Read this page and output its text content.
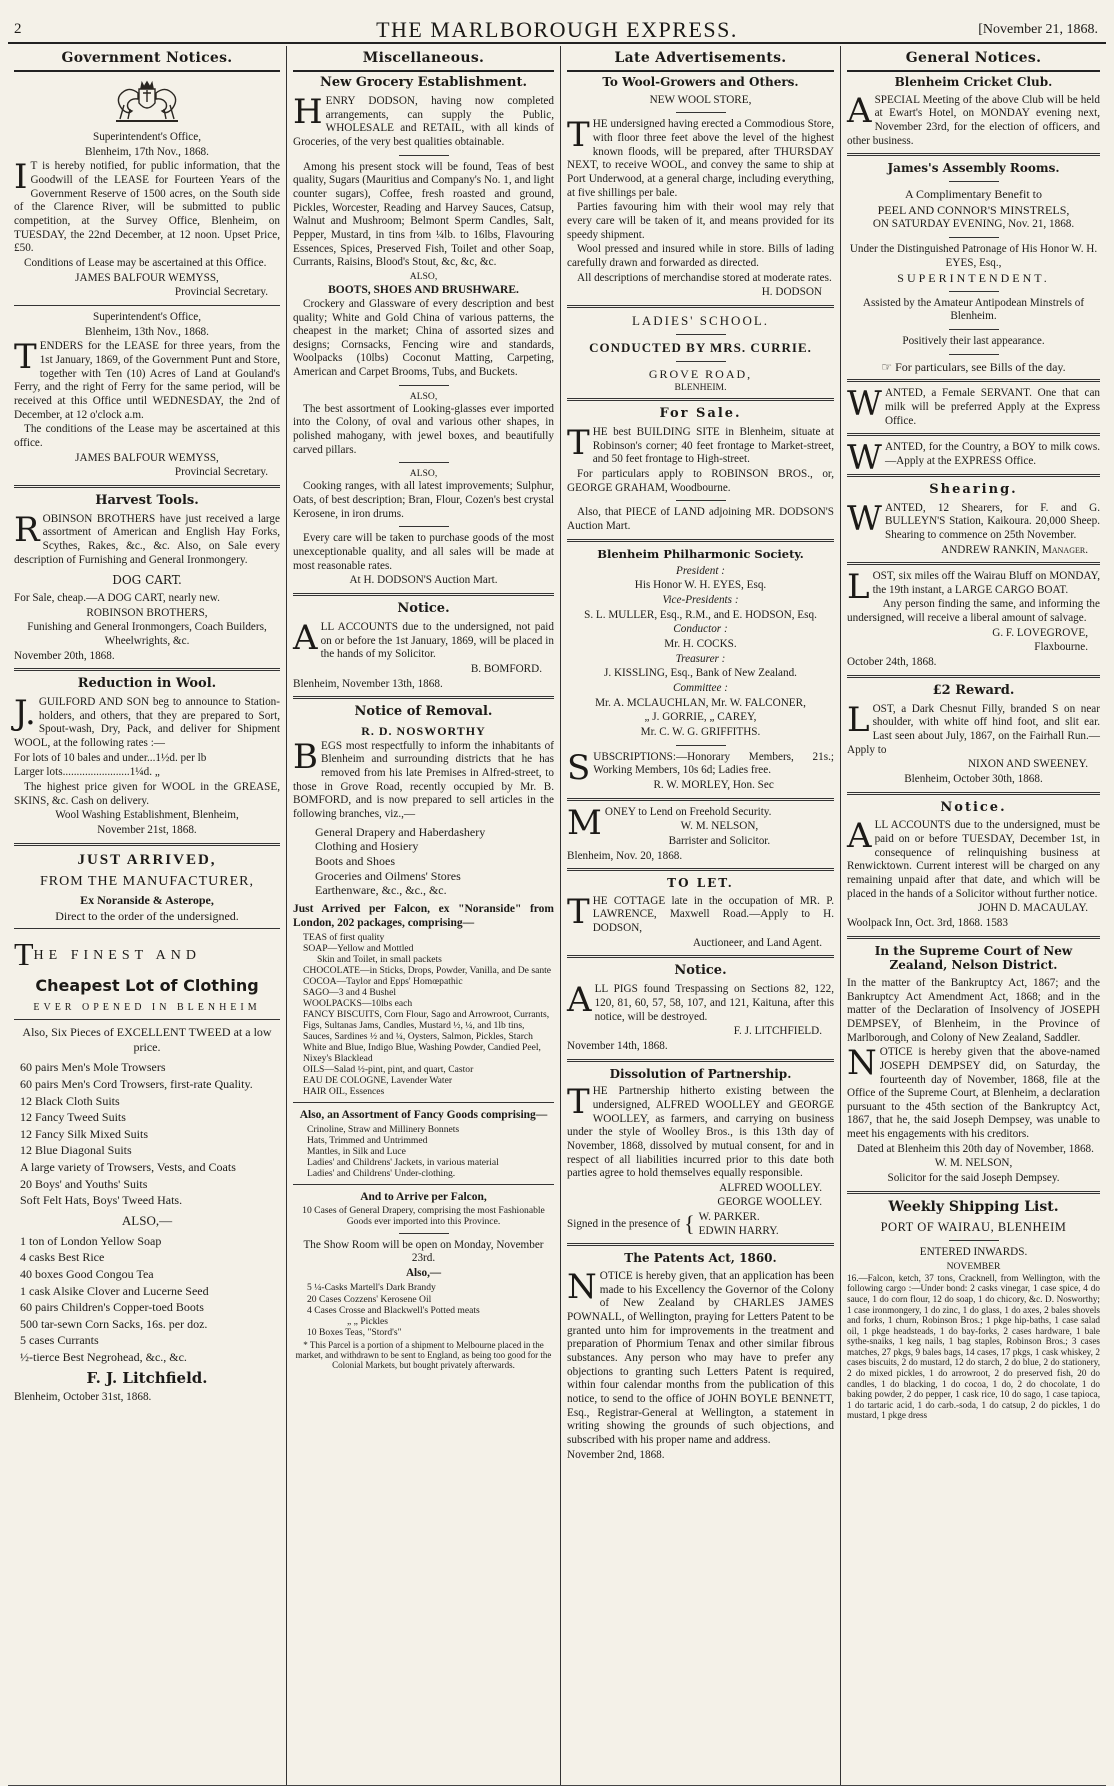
2	THE MARLBOROUGH EXPRESS.	[November 21, 1868.
Government Notices.

Superintendent's Office,

Blenheim, 17th Nov., 1868.

I T is hereby notified, for public information, that the Goodwill of the LEASE for Fourteen Years of the Government Reserve of 1500 acres, on the South side of the Clarence River, will be submitted to public competition, at the Survey Office, Blenheim, on TUESDAY, the 22nd December, at 12 noon. Upset Price, £50.

Conditions of Lease may be ascertained at this Office.

JAMES BALFOUR WEMYSS,

Provincial Secretary.

Superintendent's Office,

Blenheim, 13th Nov., 1868.

TENDERS for the LEASE for three years, from the 1st January, 1869, of the Government Punt and Store, together with Ten (10) Acres of Land at Gouland's Ferry, and the right of Ferry for the same period, will be received at this Office until WEDNESDAY, the 2nd of December, at 12 o'clock a.m.

The conditions of the Lease may be ascertained at this office.

JAMES BALFOUR WEMYSS,

Provincial Secretary.

Harvest Tools.

ROBINSON BROTHERS have just received a large assortment of American and English Hay Forks, Scythes, Rakes, &c., &c. Also, on Sale every description of Furnishing and General Ironmongery.

DOG CART.

For Sale, cheap.—A DOG CART, nearly new.

ROBINSON BROTHERS,

Funishing and General Ironmongers, Coach Builders, Wheelwrights, &c.

November 20th, 1868.

Reduction in Wool.

J. GUILFORD AND SON beg to announce to Station-holders, and others, that they are prepared to Sort, Spout-wash, Dry, Pack, and deliver for Shipment WOOL, at the following rates :—

For lots of 10 bales and under...1½d. per lb

Larger lots........................1¼d. „

The highest price given for WOOL in the GREASE, SKINS, &c. Cash on delivery.

Wool Washing Establishment, Blenheim,

November 21st, 1868.

JUST ARRIVED,
FROM THE MANUFACTURER,

Ex Noranside & Asterope,

Direct to the order of the undersigned.

THE FINEST AND

Cheapest Lot of Clothing

EVER OPENED IN BLENHEIM

Also, Six Pieces of EXCELLENT TWEED at a low price.

60 pairs Men's Mole Trowsers
60 pairs Men's Cord Trowsers, first-rate Quality.
12 Black Cloth Suits
12 Fancy Tweed Suits
12 Fancy Silk Mixed Suits
12 Blue Diagonal Suits
A large variety of Trowsers, Vests, and Coats
20 Boys' and Youths' Suits
Soft Felt Hats, Boys' Tweed Hats.

ALSO,—

1 ton of London Yellow Soap
4 casks Best Rice
40 boxes Good Congou Tea
1 cask Alsike Clover and Lucerne Seed
60 pairs Children's Copper-toed Boots
500 tar-sewn Corn Sacks, 16s. per doz.
5 cases Currants
½-tierce Best Negrohead, &c., &c.
F. J. Litchfield.

Blenheim, October 31st, 1868.

Miscellaneous.
New Grocery Establishment.

HENRY DODSON, having now completed arrangements, can supply the Public, WHOLESALE and RETAIL, with all kinds of Groceries, of the very best qualities obtainable.

Among his present stock will be found, Teas of best quality, Sugars (Mauritius and Company's No. 1, and light counter sugars), Coffee, fresh roasted and ground, Pickles, Worcester, Reading and Harvey Sauces, Catsup, Walnut and Mushroom; Belmont Sperm Candles, Salt, Pepper, Mustard, in tins from ¼lb. to 16lbs, Flavouring Essences, Spices, Preserved Fish, Toilet and other Soap, Currants, Raisins, Blood's Stout, &c, &c, &c.

ALSO,

BOOTS, SHOES AND BRUSHWARE.

Crockery and Glassware of every description and best quality; White and Gold China of various patterns, the cheapest in the market; China of assorted sizes and designs; Cornsacks, Fencing wire and standards, Woolpacks (10lbs) Coconut Matting, Carpeting, American and Carpet Brooms, Tubs, and Buckets.

ALSO,

The best assortment of Looking-glasses ever imported into the Colony, of oval and various other shapes, in polished mahogany, with jewel boxes, and beautifully carved pillars.

ALSO,

Cooking ranges, with all latest improvements; Sulphur, Oats, of best description; Bran, Flour, Cozen's best crystal Kerosene, in iron drums.

Every care will be taken to purchase goods of the most unexceptionable quality, and all sales will be made at most reasonable rates.

At H. DODSON'S Auction Mart.

Notice.

ALL ACCOUNTS due to the undersigned, not paid on or before the 1st January, 1869, will be placed in the hands of my Solicitor.

B. BOMFORD.

Blenheim, November 13th, 1868.

Notice of Removal.

R. D. NOSWORTHY

BEGS most respectfully to inform the inhabitants of Blenheim and surrounding districts that he has removed from his late Premises in Alfred-street, to those in Grove Road, recently occupied by Mr. B. BOMFORD, and is now prepared to sell articles in the following branches, viz.,—

General Drapery and Haberdashery
Clothing and Hosiery
Boots and Shoes
Groceries and Oilmens' Stores
Earthenware, &c., &c., &c.

Just Arrived per Falcon, ex "Noranside" from London, 202 packages, comprising—

TEAS of first quality
SOAP—Yellow and Mottled
Skin and Toilet, in small packets
CHOCOLATE—in Sticks, Drops, Powder, Vanilla, and De sante
COCOA—Taylor and Epps' Homœpathic
SAGO—3 and 4 Bushel
WOOLPACKS—10lbs each
FANCY BISCUITS, Corn Flour, Sago and Arrowroot, Currants, Figs, Sultanas Jams, Candles, Mustard ½, ¼, and 1lb tins, Sauces, Sardines ½ and ¼, Oysters, Salmon, Pickles, Starch White and Blue, Indigo Blue, Washing Powder, Candied Peel, Nixey's Blacklead
OILS—Salad ½-pint, pint, and quart, Castor
EAU DE COLOGNE, Lavender Water
HAIR OIL, Essences

Also, an Assortment of Fancy Goods comprising—

Crinoline, Straw and Millinery Bonnets
Hats, Trimmed and Untrimmed
Mantles, in Silk and Luce
Ladies' and Childrens' Jackets, in various material
Ladies' and Childrens' Under-clothing.

And to Arrive per Falcon,

10 Cases of General Drapery, comprising the most Fashionable Goods ever imported into this Province.

The Show Room will be open on Monday, November 23rd.

Also,—

5 ¼-Casks Martell's Dark Brandy
20 Cases Cozzens' Kerosene Oil
4 Cases Crosse and Blackwell's Potted meats
„ „ Pickles
10 Boxes Teas, "Stord's"

* This Parcel is a portion of a shipment to Melbourne placed in the market, and withdrawn to be sent to England, as being too good for the Colonial Markets, but bought privately afterwards.

Late Advertisements.
To Wool-Growers and Others.

NEW WOOL STORE,

THE undersigned having erected a Commodious Store, with floor three feet above the level of the highest known floods, will be prepared, after THURSDAY NEXT, to receive WOOL, and convey the same to ship at Port Underwood, at a general charge, including everything, at five shillings per bale.

Parties favouring him with their wool may rely that every care will be taken of it, and means provided for its speedy shipment.

Wool pressed and insured while in store. Bills of lading carefully drawn and forwarded as directed.

All descriptions of merchandise stored at moderate rates.

H. DODSON

LADIES' SCHOOL.

CONDUCTED BY MRS. CURRIE.

GROVE ROAD,

BLENHEIM.

For Sale.

THE best BUILDING SITE in Blenheim, situate at Robinson's corner; 40 feet frontage to Market-street, and 50 feet frontage to High-street.

For particulars apply to ROBINSON BROS., or, GEORGE GRAHAM, Woodbourne.

Also, that PIECE of LAND adjoining MR. DODSON'S Auction Mart.

Blenheim Philharmonic Society.

President :

His Honor W. H. EYES, Esq.

Vice-Presidents :

S. L. MULLER, Esq., R.M., and E. HODSON, Esq.

Conductor :

Mr. H. COCKS.

Treasurer :

J. KISSLING, Esq., Bank of New Zealand.

Committee :

Mr. A. MCLAUCHLAN, Mr. W. FALCONER,

„ J. GORRIE, „ CAREY,

Mr. C. W. G. GRIFFITHS.

SUBSCRIPTIONS:—Honorary Members, 21s.; Working Members, 10s 6d; Ladies free.

R. W. MORLEY, Hon. Sec

MONEY to Lend on Freehold Security.

W. M. NELSON,

Barrister and Solicitor.

Blenheim, Nov. 20, 1868.

TO LET.

THE COTTAGE late in the occupation of MR. P. LAWRENCE, Maxwell Road.—Apply to H. DODSON,

Auctioneer, and Land Agent.

Notice.

ALL PIGS found Trespassing on Sections 82, 122, 120, 81, 60, 57, 58, 107, and 121, Kaituna, after this notice, will be destroyed.

F. J. LITCHFIELD.

November 14th, 1868.

Dissolution of Partnership.

THE Partnership hitherto existing between the undersigned, ALFRED WOOLLEY and GEORGE WOOLLEY, as farmers, and carrying on business under the style of Woolley Bros., is this 13th day of November, 1868, dissolved by mutual consent, for and in respect of all liabilities incurred prior to this date both parties agree to hold themselves equally responsible.

ALFRED WOOLLEY.

GEORGE WOOLLEY.

Signed in the presence of { W. PARKER.
EDWIN HARRY.
The Patents Act, 1860.

NOTICE is hereby given, that an application has been made to his Excellency the Governor of the Colony of New Zealand by CHARLES JAMES POWNALL, of Wellington, praying for Letters Patent to be granted unto him for improvements in the treatment and preparation of Phormium Tenax and other similar fibrous substances. Any person who may have to prefer any objections to granting such Letters Patent is required, within four calendar months from the publication of this notice, to send to the office of JOHN BOYLE BENNETT, Esq., Registrar-General at Wellington, a statement in writing showing the grounds of such objections, and subscribed with his proper name and address.

November 2nd, 1868.

General Notices.
Blenheim Cricket Club.

ASPECIAL Meeting of the above Club will be held at Ewart's Hotel, on MONDAY evening next, November 23rd, for the election of officers, and other business.

James's Assembly Rooms.

A Complimentary Benefit to

PEEL AND CONNOR'S MINSTRELS,

ON SATURDAY EVENING, Nov. 21, 1868.

Under the Distinguished Patronage of His Honor W. H. EYES, Esq.,

SUPERINTENDENT.

Assisted by the Amateur Antipodean Minstrels of Blenheim.

Positively their last appearance.

☞ For particulars, see Bills of the day.

WANTED, a Female SERVANT. One that can milk will be preferred Apply at the Express Office.

WANTED, for the Country, a BOY to milk cows.—Apply at the EXPRESS Office.

Shearing.

WANTED, 12 Shearers, for F. and G. BULLEYN'S Station, Kaikoura. 20,000 Sheep. Shearing to commence on 25th November.

ANDREW RANKIN, Manager.

LOST, six miles off the Wairau Bluff on MONDAY, the 19th instant, a LARGE CARGO BOAT.

Any person finding the same, and informing the undersigned, will receive a liberal amount of salvage.

G. F. LOVEGROVE,

Flaxbourne.

October 24th, 1868.

£2 Reward.

LOST, a Dark Chesnut Filly, branded S on near shoulder, with white off hind foot, and slit ear. Last seen about July, 1867, on the Fairhall Run.—Apply to

NIXON AND SWEENEY.

Blenheim, October 30th, 1868.

Notice.

ALL ACCOUNTS due to the undersigned, must be paid on or before TUESDAY, December 1st, in consequence of relinquishing business at Renwicktown. Current interest will be charged on any remaining unpaid after that date, and which will be placed in the hands of a Solicitor without further notice.

JOHN D. MACAULAY.

Woolpack Inn, Oct. 3rd, 1868. 1583

In the Supreme Court of New Zealand, Nelson District.

In the matter of the Bankruptcy Act, 1867; and the Bankruptcy Act Amendment Act, 1868; and in the matter of the Declaration of Insolvency of JOSEPH DEMPSEY, of Blenheim, in the Province of Marlborough, and Colony of New Zealand, Saddler.

NOTICE is hereby given that the above-named JOSEPH DEMPSEY did, on Saturday, the fourteenth day of November, 1868, file at the Office of the Supreme Court, at Blenheim, a declaration pursuant to the 45th section of the Bankruptcy Act, 1867, that he, the said Joseph Dempsey, was unable to meet his engagements with his creditors.

Dated at Blenheim this 20th day of November, 1868.

W. M. NELSON,

Solicitor for the said Joseph Dempsey.

Weekly Shipping List.

PORT OF WAIRAU, BLENHEIM

ENTERED INWARDS.

NOVEMBER

16.—Falcon, ketch, 37 tons, Cracknell, from Wellington, with the following cargo :—Under bond: 2 casks vinegar, 1 case spice, 4 do sauce, 1 do corn flour, 12 do soap, 1 do chicory, &c. D. Nosworthy; 1 case ironmongery, 1 do zinc, 1 do glass, 1 do axes, 2 bales shovels and forks, 1 churn, Robinson Bros.; 1 pkge hip-baths, 1 case salad oil, 1 pkge headsteads, 1 do bay-forks, 2 cases hardware, 1 bale sythe-snaiks, 1 keg nails, 1 bag staples, Robinson Bros.; 3 cases matches, 27 pkgs, 9 bales bags, 14 cases, 17 pkgs, 1 cask whiskey, 2 cases biscuits, 2 do mustard, 12 do starch, 2 do blue, 2 do stationery, 2 do mixed pickles, 1 do arrowroot, 2 do preserved fish, 20 do candles, 1 do blacking, 1 do cocoa, 1 do, 2 do chocolate, 1 do baking powder, 2 do pepper, 1 cask rice, 10 do sago, 1 case tapioca, 1 do tartaric acid, 1 do carb.-soda, 1 do catsup, 2 do pickles, 1 do mustard, 1 pkge dress
